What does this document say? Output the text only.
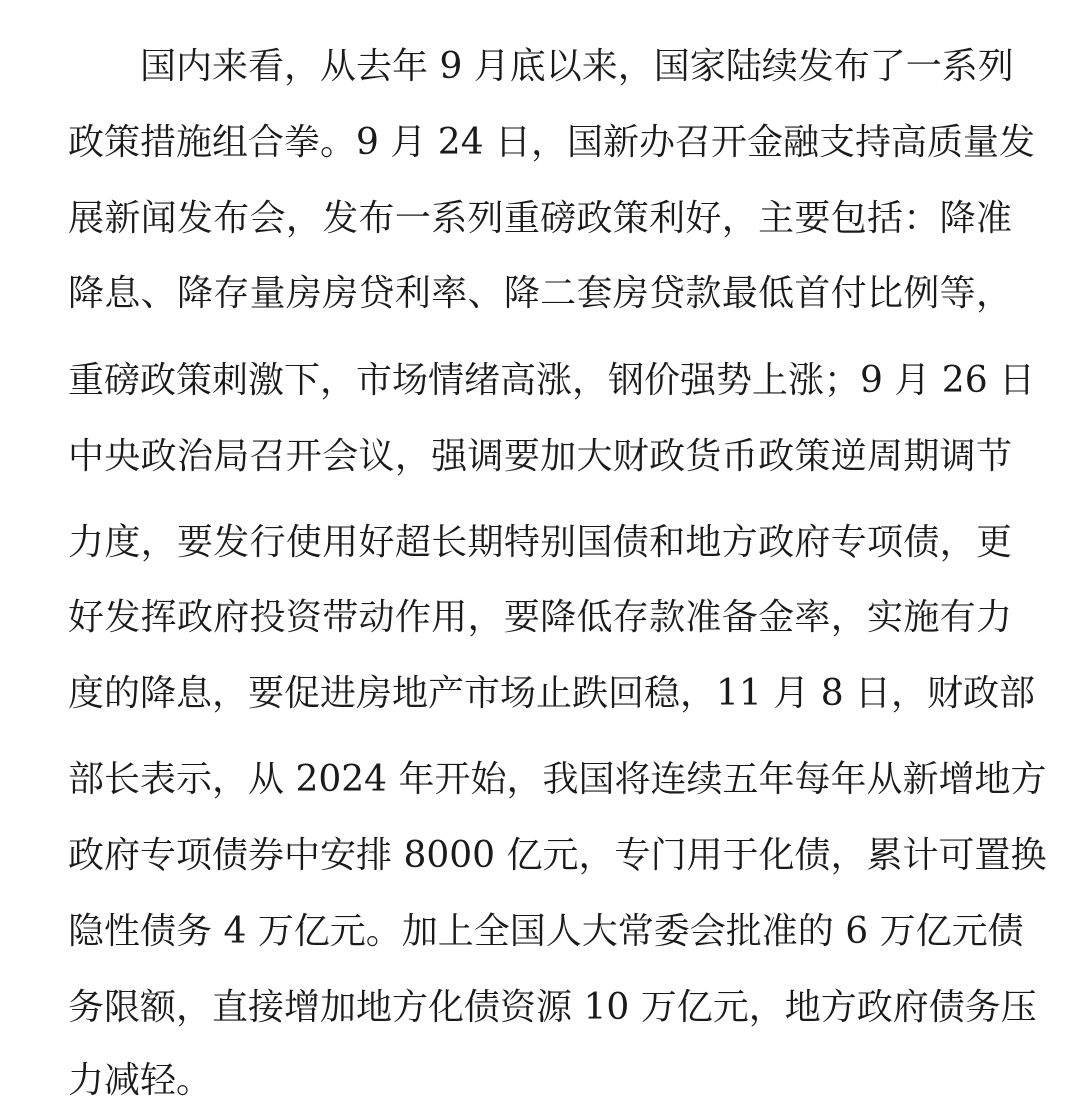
国内来看，从去年 9 月底以来，国家陆续发布了一系列
政策措施组合拳。9 月 24 日，国新办召开金融支持高质量发
展新闻发布会，发布一系列重磅政策利好，主要包括：降准
降息、降存量房房贷利率、降二套房贷款最低首付比例等，
重磅政策刺激下，市场情绪高涨，钢价强势上涨；9 月 26 日
中央政治局召开会议，强调要加大财政货币政策逆周期调节
力度，要发行使用好超长期特别国债和地方政府专项债，更
好发挥政府投资带动作用，要降低存款准备金率，实施有力
度的降息，要促进房地产市场止跌回稳，11 月 8 日，财政部
部长表示，从 2024 年开始，我国将连续五年每年从新增地方
政府专项债券中安排 8000 亿元，专门用于化债，累计可置换
隐性债务 4 万亿元。加上全国人大常委会批准的 6 万亿元债
务限额，直接增加地方化债资源 10 万亿元，地方政府债务压
力减轻。
